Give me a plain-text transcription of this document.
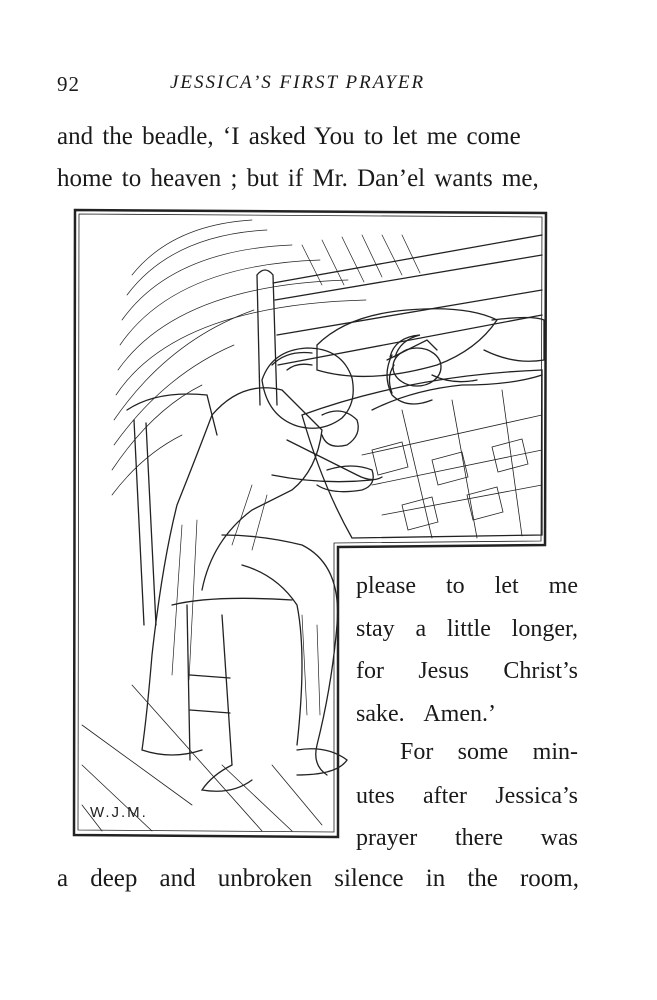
92	JESSICA’S FIRST PRAYER
and the beadle, ‘I asked You to let me come
home to heaven ; but if Mr. Dan’el wants me,
W.J.M.
please to let me
stay a little longer,
for Jesus Christ’s
sake. Amen.’
For some min-
utes after Jessica’s
prayer there was
a deep and unbroken silence in the room,
